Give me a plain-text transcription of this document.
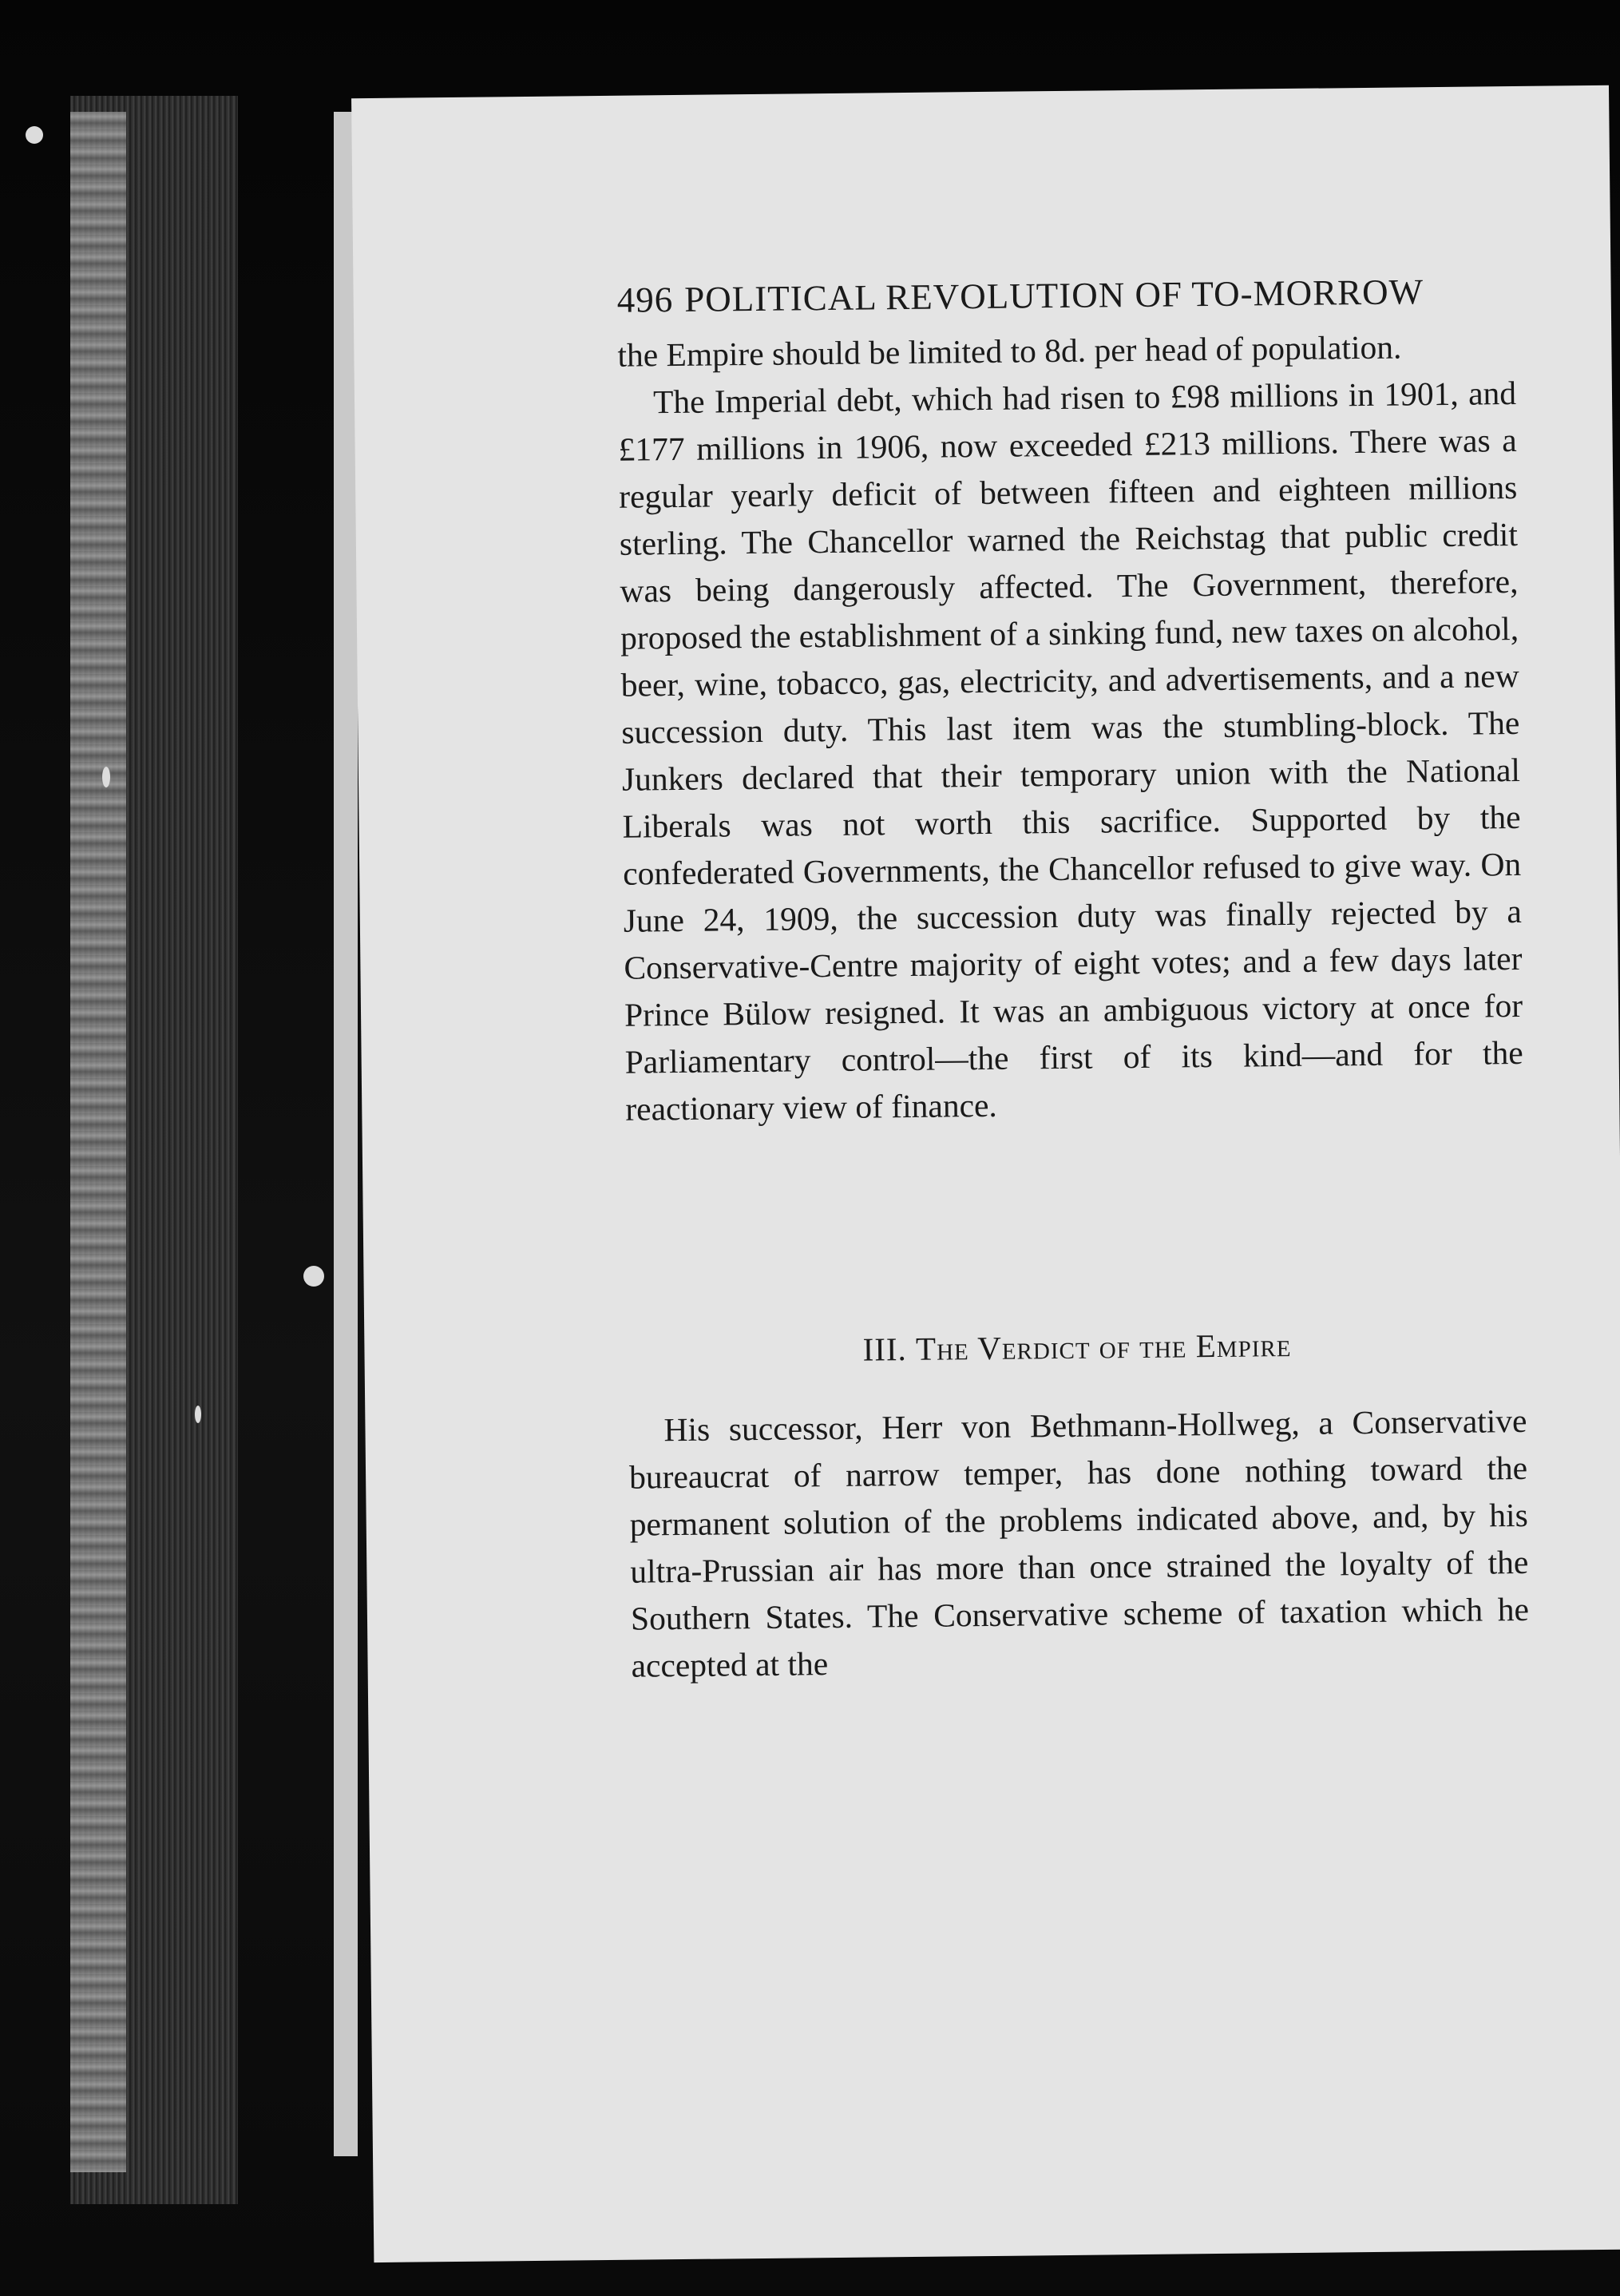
496 POLITICAL REVOLUTION OF TO-MORROW

the Empire should be limited to 8d. per head of population.

The Imperial debt, which had risen to £98 millions in 1901, and £177 millions in 1906, now exceeded £213 millions. There was a regular yearly deficit of between fifteen and eighteen millions sterling. The Chancellor warned the Reichstag that public credit was being dangerously affected. The Government, therefore, proposed the establishment of a sinking fund, new taxes on alcohol, beer, wine, tobacco, gas, electricity, and advertisements, and a new succession duty. This last item was the stumbling-block. The Junkers declared that their temporary union with the National Liberals was not worth this sacrifice. Supported by the confederated Governments, the Chancellor refused to give way. On June 24, 1909, the succession duty was finally rejected by a Conservative-Centre majority of eight votes; and a few days later Prince Bülow resigned. It was an ambiguous victory at once for Parliamentary control—the first of its kind—and for the reactionary view of finance.

III. The Verdict of the Empire

His successor, Herr von Bethmann-Hollweg, a Conservative bureaucrat of narrow temper, has done nothing toward the permanent solution of the problems indicated above, and, by his ultra-Prussian air has more than once strained the loyalty of the Southern States. The Conservative scheme of taxation which he accepted at the
